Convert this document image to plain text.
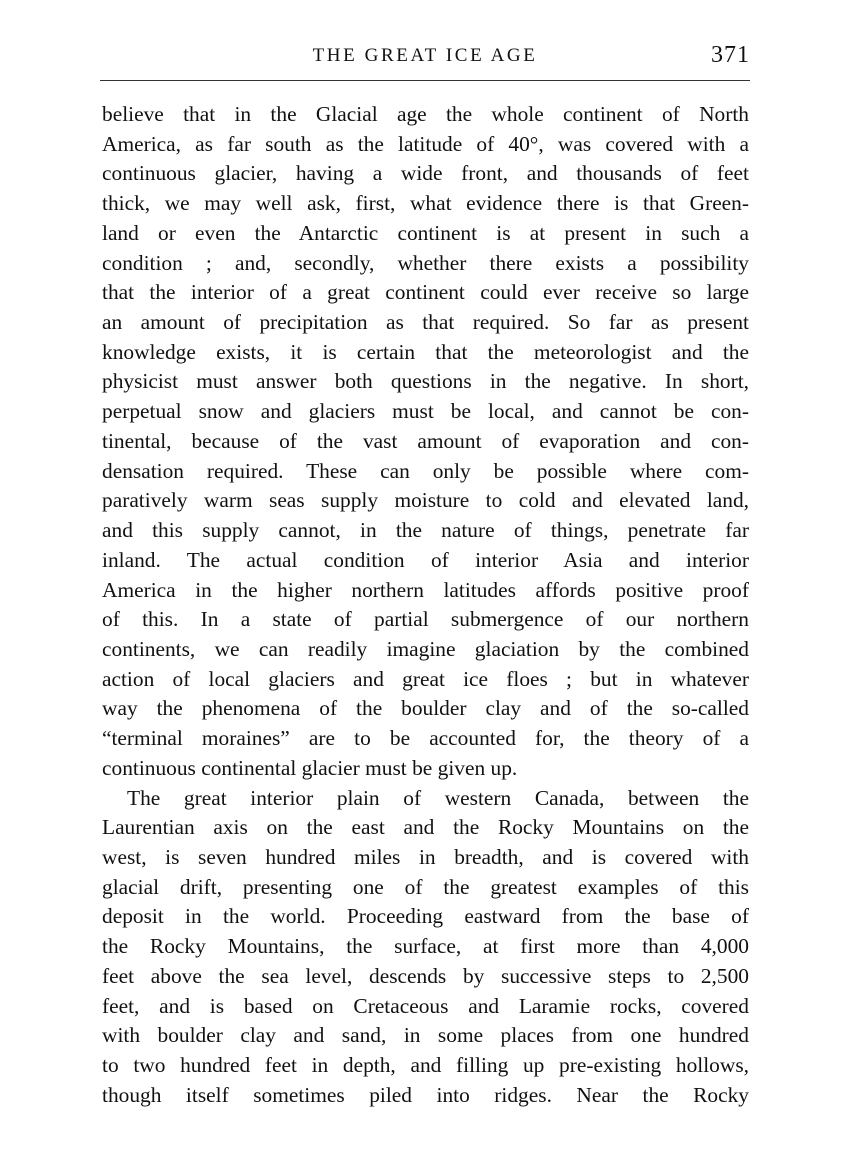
THE GREAT ICE AGE	371
believe that in the Glacial age the whole continent of North
America, as far south as the latitude of 40°, was covered with a
continuous glacier, having a wide front, and thousands of feet
thick, we may well ask, first, what evidence there is that Green-
land or even the Antarctic continent is at present in such a
condition ; and, secondly, whether there exists a possibility
that the interior of a great continent could ever receive so large
an amount of precipitation as that required. So far as present
knowledge exists, it is certain that the meteorologist and the
physicist must answer both questions in the negative. In short,
perpetual snow and glaciers must be local, and cannot be con-
tinental, because of the vast amount of evaporation and con-
densation required. These can only be possible where com-
paratively warm seas supply moisture to cold and elevated land,
and this supply cannot, in the nature of things, penetrate far
inland. The actual condition of interior Asia and interior
America in the higher northern latitudes affords positive proof
of this. In a state of partial submergence of our northern
continents, we can readily imagine glaciation by the combined
action of local glaciers and great ice floes ; but in whatever
way the phenomena of the boulder clay and of the so-called
“terminal moraines” are to be accounted for, the theory of a
continuous continental glacier must be given up.
The great interior plain of western Canada, between the
Laurentian axis on the east and the Rocky Mountains on the
west, is seven hundred miles in breadth, and is covered with
glacial drift, presenting one of the greatest examples of this
deposit in the world. Proceeding eastward from the base of
the Rocky Mountains, the surface, at first more than 4,000
feet above the sea level, descends by successive steps to 2,500
feet, and is based on Cretaceous and Laramie rocks, covered
with boulder clay and sand, in some places from one hundred
to two hundred feet in depth, and filling up pre-existing hollows,
though itself sometimes piled into ridges. Near the Rocky
